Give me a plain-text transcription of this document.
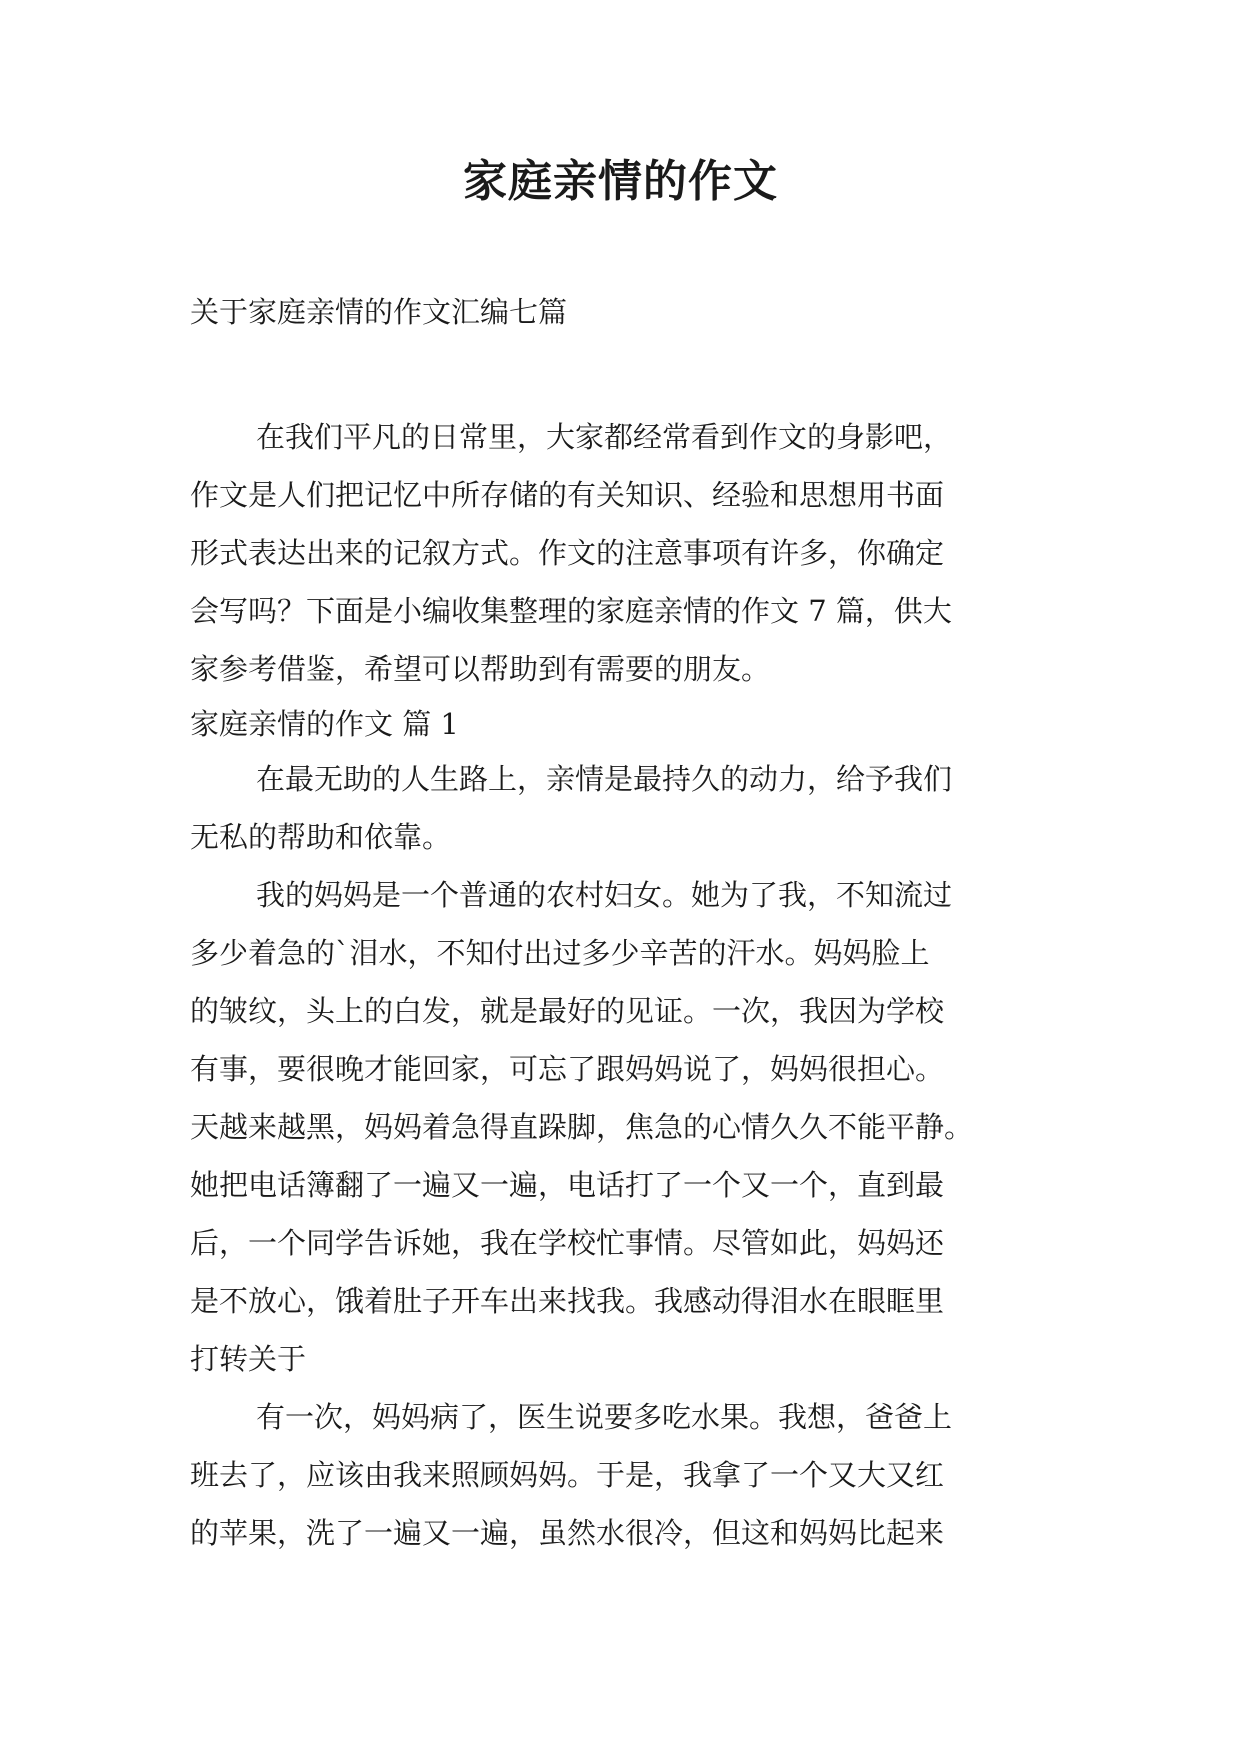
家庭亲情的作文
关于家庭亲情的作文汇编七篇
在我们平凡的日常里，大家都经常看到作文的身影吧，
作文是人们把记忆中所存储的有关知识、经验和思想用书面
形式表达出来的记叙方式。作文的注意事项有许多，你确定
会写吗？下面是小编收集整理的家庭亲情的作文 7 篇，供大
家参考借鉴，希望可以帮助到有需要的朋友。
家庭亲情的作文 篇 1
在最无助的人生路上，亲情是最持久的动力，给予我们
无私的帮助和依靠。
我的妈妈是一个普通的农村妇女。她为了我，不知流过
多少着急的`泪水，不知付出过多少辛苦的汗水。妈妈脸上
的皱纹，头上的白发，就是最好的见证。一次，我因为学校
有事，要很晚才能回家，可忘了跟妈妈说了，妈妈很担心。
天越来越黑，妈妈着急得直跺脚，焦急的心情久久不能平静。
她把电话簿翻了一遍又一遍，电话打了一个又一个，直到最
后，一个同学告诉她，我在学校忙事情。尽管如此，妈妈还
是不放心，饿着肚子开车出来找我。我感动得泪水在眼眶里
打转关于
有一次，妈妈病了，医生说要多吃水果。我想，爸爸上
班去了，应该由我来照顾妈妈。于是，我拿了一个又大又红
的苹果，洗了一遍又一遍，虽然水很冷，但这和妈妈比起来
